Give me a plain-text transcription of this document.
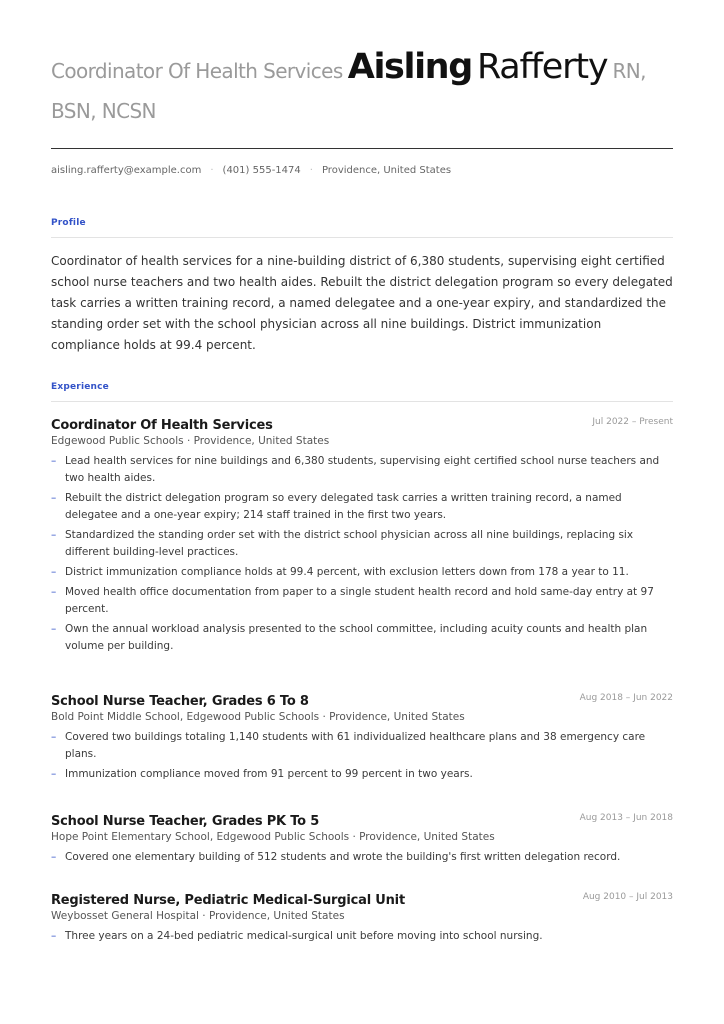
Coordinator Of Health Services Aisling Rafferty RN, BSN, NCSN
aisling.rafferty@example.com · (401) 555-1474 · Providence, United States
Profile
Coordinator of health services for a nine-building district of 6,380 students, supervising eight certified school nurse teachers and two health aides. Rebuilt the district delegation program so every delegated task carries a written training record, a named delegatee and a one-year expiry, and standardized the standing order set with the school physician across all nine buildings. District immunization compliance holds at 99.4 percent.
Experience
Coordinator Of Health Services	Jul 2022 – Present
Edgewood Public Schools · Providence, United States
– Lead health services for nine buildings and 6,380 students, supervising eight certified school nurse teachers and two health aides.
– Rebuilt the district delegation program so every delegated task carries a written training record, a named delegatee and a one-year expiry; 214 staff trained in the first two years.
– Standardized the standing order set with the district school physician across all nine buildings, replacing six different building-level practices.
– District immunization compliance holds at 99.4 percent, with exclusion letters down from 178 a year to 11.
– Moved health office documentation from paper to a single student health record and hold same-day entry at 97 percent.
– Own the annual workload analysis presented to the school committee, including acuity counts and health plan volume per building.
School Nurse Teacher, Grades 6 To 8	Aug 2018 – Jun 2022
Bold Point Middle School, Edgewood Public Schools · Providence, United States
– Covered two buildings totaling 1,140 students with 61 individualized healthcare plans and 38 emergency care plans.
– Immunization compliance moved from 91 percent to 99 percent in two years.
School Nurse Teacher, Grades PK To 5	Aug 2013 – Jun 2018
Hope Point Elementary School, Edgewood Public Schools · Providence, United States
– Covered one elementary building of 512 students and wrote the building's first written delegation record.
Registered Nurse, Pediatric Medical-Surgical Unit	Aug 2010 – Jul 2013
Weybosset General Hospital · Providence, United States
– Three years on a 24-bed pediatric medical-surgical unit before moving into school nursing.
